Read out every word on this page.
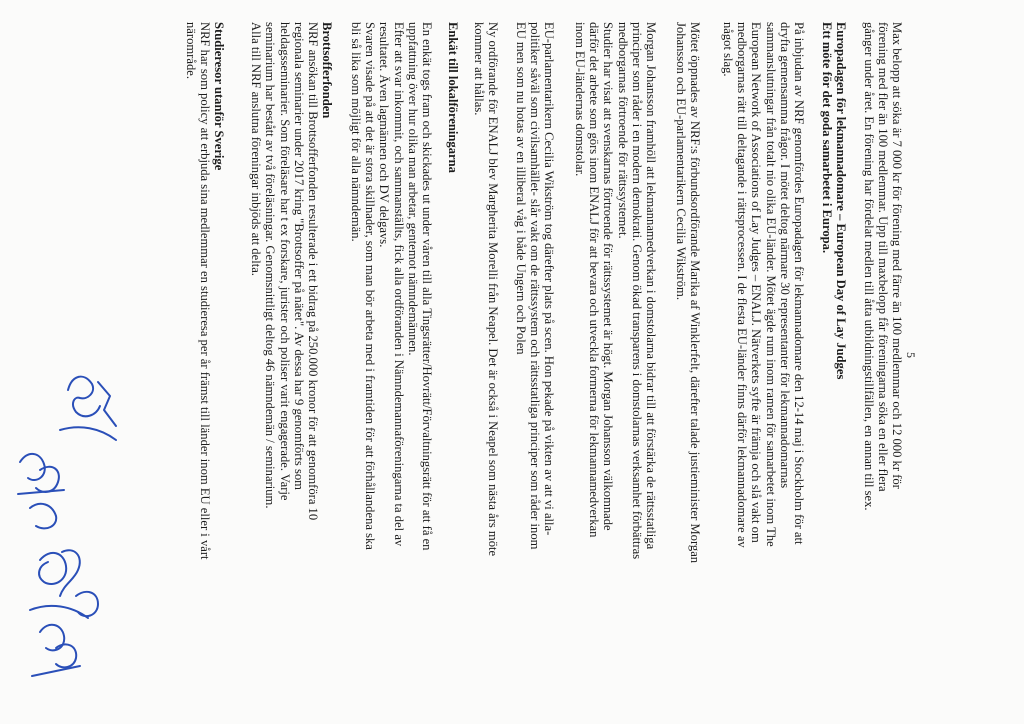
5
Max belopp att söka är 7 000 kr för förening med färre än 100 medlemmar och 12 000 kr för
förening med fler än 100 medlemmar. Upp till maxbelopp får föreningarna söka en eller flera
gånger under året. En förening har fördelat medlen till åtta utbildningstillfällen, en annan till sex.
Europadagen för lekmannadomare – European Day of Lay Judges
Ett möte för det goda samarbetet i Europa.
På inbjudan av NRF genomfördes Europadagen för lekmannadomare den 12-14 maj i Stockholm för att
dryfta gemensamma frågor. I mötet deltog närmare 30 representanter för lekmannadomarnas
sammanslutningar från totalt nio olika EU-länder. Mötet ägde rum inom ramen för samarbetet inom The
European Network of Associations of Lay Judges – ENALJ. Nätverkets syfte är främja och slå vakt om
medborgarnas rätt till deltagande i rättsprocessen. I de flesta EU-länder finns därför lekmannadomare av
något slag.
Mötet öppnades av NRF:s förbundsordförande Marika af Winklerfelt, därefter talade justieminister Morgan
Johansson och EU-parlamentarikern Cecilia Wikström.
Morgan Johansson framhöll att lekmannamedverkan i domstolarna bidrar till att förstärka de rättsstatliga
principer som råder i en modern demokrati. Genom ökad transparens i domstolarnas verksamhet förbättras
medborgarnas förtroende för rättssystemet.
Studier har visat att svenskarnas förtroende för rättssystemet är högt. Morgan Johansson välkomnade
därför det arbete som görs inom ENALJ för att bevara och utveckla formerna för lekmannamedverkan
inom EU-ländernas domstolar.
EU-parlamentarikern Cecilia Wikström tog därefter plats på scen. Hon pekade på vikten av att vi alla-
politiker såväl som civilsamhället- slår vakt om de rättssystem och rättsstatliga principer som råder inom
EU men som nu hotas av en illiberal våg i både Ungern och Polen
Ny ordförande för ENALJ blev Margherita Morelli från Neapel. Det är också i Neapel som nästa års möte
kommer att hållas.
Enkät till lokalföreningarna
En enkät togs fram och skickades ut under våren till alla Tingsrätter/Hovrätt/Förvaltningsrätt för att få en
uppfattning över hur olika man arbetar, gentemot nämndemännen.
Efter att svar inkommit, och sammanställts, fick alla ordföranden i Nämndemannaföreningarna ta del av
resultatet. Även lagmännen och DV delgavs.
Svaren visade på att det är stora skillnader, som man bör arbeta med i framtiden för att förhållandena ska
bli så lika som möjligt för alla nämndemän.
Brottsofferfonden
NRF ansökan till Brottsofferfonden resulterade i ett bidrag på 250.000 kronor för att genomföra 10
regionala seminarier under 2017 kring "Brottsoffer på nätet". Av dessa har 9 genomförts som
heldagsseminarier. Som föreläsare har t ex forskare, jurister och poliser varit engagerade. Varje
seminarium har bestått av två föreläsningar. Genomsnittligt deltog 46 nämndemän / seminarium.
Alla till NRF anslutna föreningar inbjöds att delta.
Studieresor utanför Sverige
NRF har som policy att erbjuda sina medlemmar en studieresa per år främst till länder inom EU eller i vårt
närområde.
